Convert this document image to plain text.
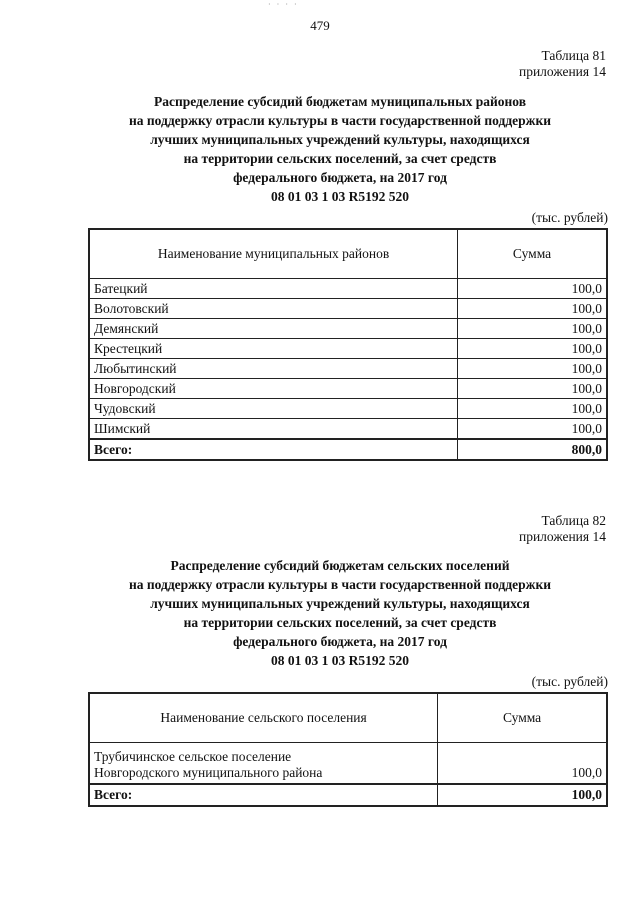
· · · ·
479
Таблица 81
приложения 14
Распределение субсидий бюджетам муниципальных районов
на поддержку отрасли культуры в части государственной поддержки
лучших муниципальных учреждений культуры, находящихся
на территории сельских поселений, за счет средств
федерального бюджета, на 2017 год
08 01 03 1 03 R5192 520
(тыс. рублей)
Наименование муниципальных районов	Сумма
Батецкий	100,0
Волотовский	100,0
Демянский	100,0
Крестецкий	100,0
Любытинский	100,0
Новгородский	100,0
Чудовский	100,0
Шимский	100,0
Всего:	800,0
Таблица 82
приложения 14
Распределение субсидий бюджетам сельских поселений
на поддержку отрасли культуры в части государственной поддержки
лучших муниципальных учреждений культуры, находящихся
на территории сельских поселений, за счет средств
федерального бюджета, на 2017 год
08 01 03 1 03 R5192 520
(тыс. рублей)
Наименование сельского поселения	Сумма

Трубичинское сельское поселение
Новгородского муниципального района	100,0
Всего:	100,0
